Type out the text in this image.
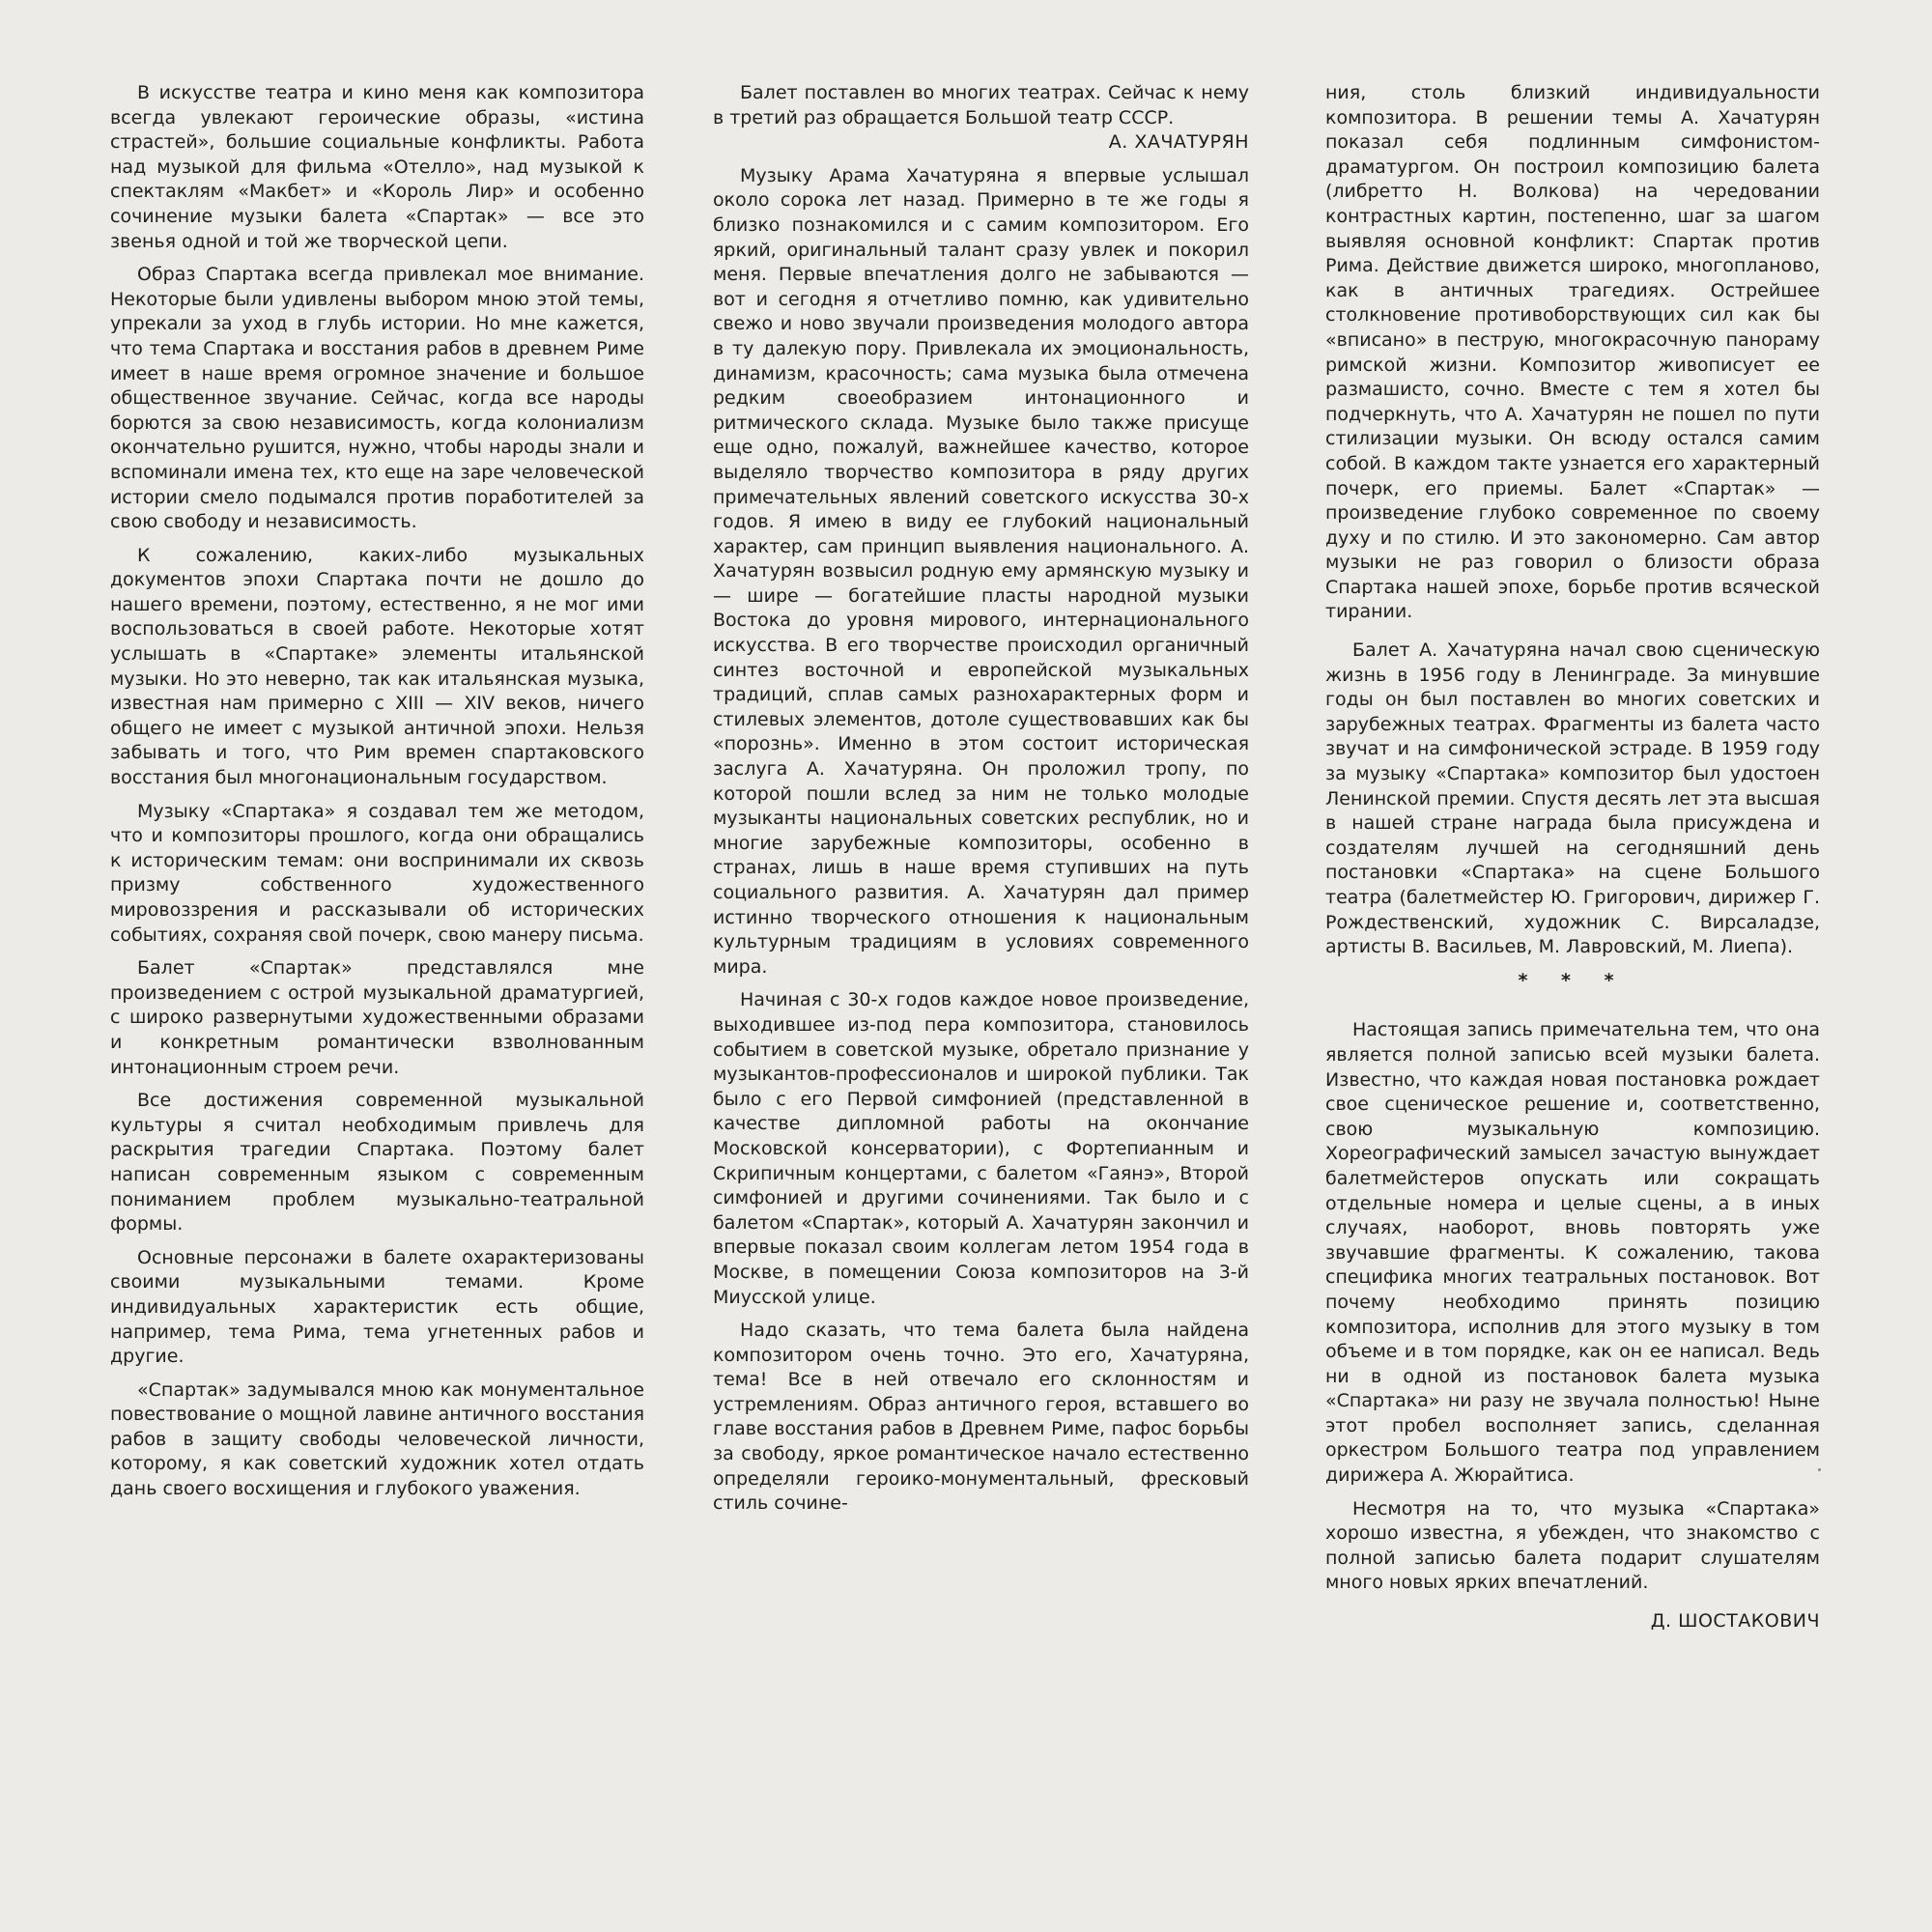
В искусстве театра и кино меня как композитора всегда увлекают героические образы, «истина страстей», большие социальные конфликты. Работа над музыкой для фильма «Отелло», над музыкой к спектаклям «Макбет» и «Король Лир» и особенно сочинение музыки балета «Спартак» — все это звенья одной и той же творческой цепи.

Образ Спартака всегда привлекал мое внимание. Некоторые были удивлены выбором мною этой темы, упрекали за уход в глубь истории. Но мне кажется, что тема Спартака и восстания рабов в древнем Риме имеет в наше время огромное значение и большое общественное звучание. Сейчас, когда все народы борются за свою независимость, когда колониализм окончательно рушится, нужно, чтобы народы знали и вспоминали имена тех, кто еще на заре человеческой истории смело подымался против поработителей за свою свободу и независимость.

К сожалению, каких-либо музыкальных документов эпохи Спартака почти не дошло до нашего времени, поэтому, естественно, я не мог ими воспользоваться в своей работе. Некоторые хотят услышать в «Спартаке» элементы итальянской музыки. Но это неверно, так как итальянская музыка, известная нам примерно с XIII — XIV веков, ничего общего не имеет с музыкой античной эпохи. Нельзя забывать и того, что Рим времен спартаковского восстания был многонациональным государством.

Музыку «Спартака» я создавал тем же методом, что и композиторы прошлого, когда они обращались к историческим темам: они воспринимали их сквозь призму собственного художественного мировоззрения и рассказывали об исторических событиях, сохраняя свой почерк, свою манеру письма.

Балет «Спартак» представлялся мне произведением с острой музыкальной драматургией, с широко развернутыми художественными образами и конкретным романтически взволнованным интонационным строем речи.

Все достижения современной музыкальной культуры я считал необходимым привлечь для раскрытия трагедии Спартака. Поэтому балет написан современным языком с современным пониманием проблем музыкально-театральной формы.

Основные персонажи в балете охарактеризованы своими музыкальными темами. Кроме индивидуальных характеристик есть общие, например, тема Рима, тема угнетенных рабов и другие.

«Спартак» задумывался мною как монументальное повествование о мощной лавине античного восстания рабов в защиту свободы человеческой личности, которому, я как советский художник хотел отдать дань своего восхищения и глубокого уважения.

Балет поставлен во многих театрах. Сейчас к нему в третий раз обращается Большой театр СССР.

А. ХАЧАТУРЯН

Музыку Арама Хачатуряна я впервые услышал около сорока лет назад. Примерно в те же годы я близко познакомился и с самим композитором. Его яркий, оригинальный талант сразу увлек и покорил меня. Первые впечатления долго не забываются — вот и сегодня я отчетливо помню, как удивительно свежо и ново звучали произведения молодого автора в ту далекую пору. Привлекала их эмоциональность, динамизм, красочность; сама музыка была отмечена редким своеобразием интонационного и ритмического склада. Музыке было также присуще еще одно, пожалуй, важнейшее качество, которое выделяло творчество композитора в ряду других примечательных явлений советского искусства 30-х годов. Я имею в виду ее глубокий национальный характер, сам принцип выявления национального. А. Хачатурян возвысил родную ему армянскую музыку и — шире — богатейшие пласты народной музыки Востока до уровня мирового, интернационального искусства. В его творчестве происходил органичный синтез восточной и европейской музыкальных традиций, сплав самых разнохарактерных форм и стилевых элементов, дотоле существовавших как бы «порознь». Именно в этом состоит историческая заслуга А. Хачатуряна. Он проложил тропу, по которой пошли вслед за ним не только молодые музыканты национальных советских республик, но и многие зарубежные композиторы, особенно в странах, лишь в наше время ступивших на путь социального развития. А. Хачатурян дал пример истинно творческого отношения к национальным культурным традициям в условиях современного мира.

Начиная с 30-х годов каждое новое произведение, выходившее из-под пера композитора, становилось событием в советской музыке, обретало признание у музыкантов-профессионалов и широкой публики. Так было с его Первой симфонией (представленной в качестве дипломной работы на окончание Московской консерватории), с Фортепианным и Скрипичным концертами, с балетом «Гаянэ», Второй симфонией и другими сочинениями. Так было и с балетом «Спартак», который А. Хачатурян закончил и впервые показал своим коллегам летом 1954 года в Москве, в помещении Союза композиторов на 3-й Миусской улице.

Надо сказать, что тема балета была найдена композитором очень точно. Это его, Хачатуряна, тема! Все в ней отвечало его склонностям и устремлениям. Образ античного героя, вставшего во главе восстания рабов в Древнем Риме, пафос борьбы за свободу, яркое романтическое начало естественно определяли героико-монументальный, фресковый стиль сочине-

ния, столь близкий индивидуальности композитора. В решении темы А. Хачатурян показал себя подлинным симфонистом-драматургом. Он построил композицию балета (либретто Н. Волкова) на чередовании контрастных картин, постепенно, шаг за шагом выявляя основной конфликт: Спартак против Рима. Действие движется широко, многопланово, как в античных трагедиях. Острейшее столкновение противоборствующих сил как бы «вписано» в пеструю, многокрасочную панораму римской жизни. Композитор живописует ее размашисто, сочно. Вместе с тем я хотел бы подчеркнуть, что А. Хачатурян не пошел по пути стилизации музыки. Он всюду остался самим собой. В каждом такте узнается его характерный почерк, его приемы. Балет «Спартак» — произведение глубоко современное по своему духу и по стилю. И это закономерно. Сам автор музыки не раз говорил о близости образа Спартака нашей эпохе, борьбе против всяческой тирании.

Балет А. Хачатуряна начал свою сценическую жизнь в 1956 году в Ленинграде. За минувшие годы он был поставлен во многих советских и зарубежных театрах. Фрагменты из балета часто звучат и на симфонической эстраде. В 1959 году за музыку «Спартака» композитор был удостоен Ленинской премии. Спустя десять лет эта высшая в нашей стране награда была присуждена и создателям лучшей на сегодняшний день постановки «Спартака» на сцене Большого театра (балетмейстер Ю. Григорович, дирижер Г. Рождественский, художник С. Вирсаладзе, артисты В. Васильев, М. Лавровский, М. Лиепа).

* * *

Настоящая запись примечательна тем, что она является полной записью всей музыки балета. Известно, что каждая новая постановка рождает свое сценическое решение и, соответственно, свою музыкальную композицию. Хореографический замысел зачастую вынуждает балетмейстеров опускать или сокращать отдельные номера и целые сцены, а в иных случаях, наоборот, вновь повторять уже звучавшие фрагменты. К сожалению, такова специфика многих театральных постановок. Вот почему необходимо принять позицию композитора, исполнив для этого музыку в том объеме и в том порядке, как он ее написал. Ведь ни в одной из постановок балета музыка «Спартака» ни разу не звучала полностью! Ныне этот пробел восполняет запись, сделанная оркестром Большого театра под управлением дирижера А. Жюрайтиса.

Несмотря на то, что музыка «Спартака» хорошо известна, я убежден, что знакомство с полной записью балета подарит слушателям много новых ярких впечатлений.

Д. ШОСТАКОВИЧ
